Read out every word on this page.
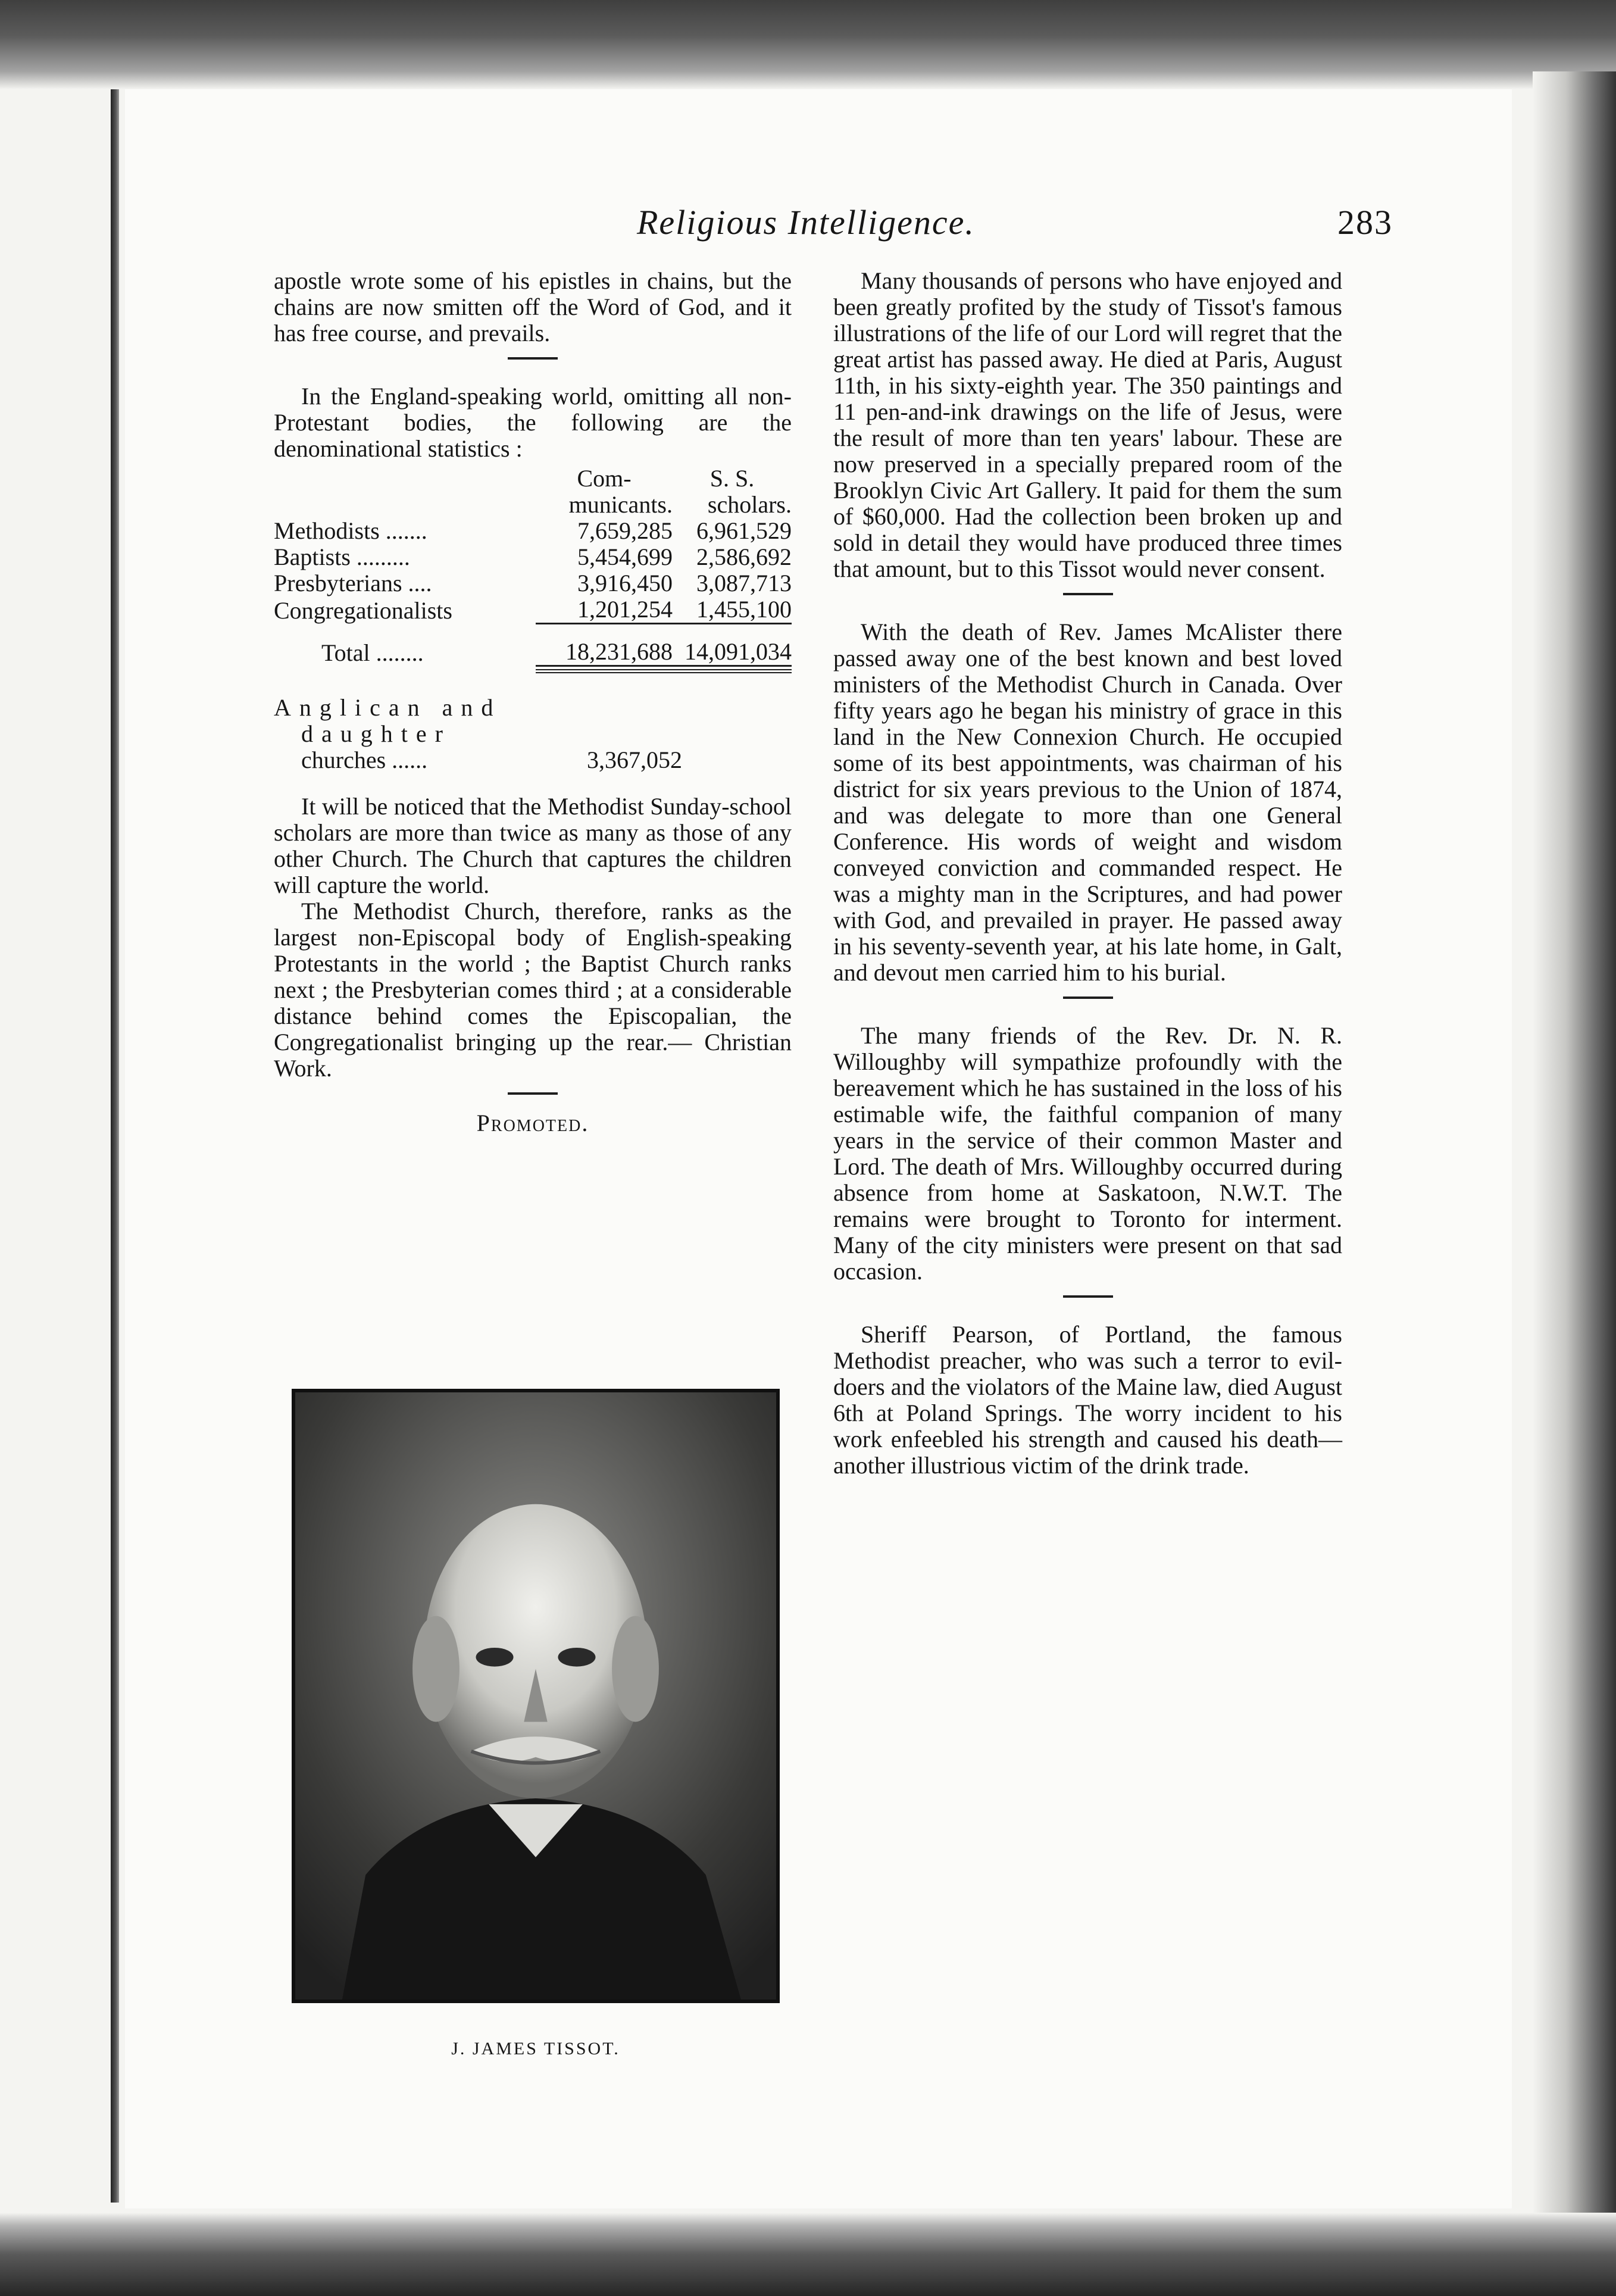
Religious Intelligence.	283

apostle wrote some of his epistles in chains, but the chains are now smitten off the Word of God, and it has free course, and prevails.

In the England-speaking world, omitting all non-Protestant bodies, the following are the denominational statistics :

	Com-	S. S.
	municants.	scholars.
Methodists .......	7,659,285	6,961,529
Baptists .........	5,454,699	2,586,692
Presbyterians ....	3,916,450	3,087,713
Congregationalists	1,201,254	1,455,100
Total ........	18,231,688	14,091,034

Anglican and
daughter
churches ......	3,367,052

It will be noticed that the Methodist Sunday-school scholars are more than twice as many as those of any other Church. The Church that captures the children will capture the world.

The Methodist Church, therefore, ranks as the largest non-Episcopal body of English-speaking Protestants in the world ; the Baptist Church ranks next ; the Presbyterian comes third ; at a considerable distance behind comes the Episcopalian, the Congregationalist bringing up the rear.— Christian Work.

Promoted.
J. JAMES TISSOT.

Many thousands of persons who have enjoyed and been greatly profited by the study of Tissot's famous illustrations of the life of our Lord will regret that the great artist has passed away. He died at Paris, August 11th, in his sixty-eighth year. The 350 paintings and 11 pen-and-ink drawings on the life of Jesus, were the result of more than ten years' labour. These are now preserved in a specially prepared room of the Brooklyn Civic Art Gallery. It paid for them the sum of $60,000. Had the collection been broken up and sold in detail they would have produced three times that amount, but to this Tissot would never consent.

With the death of Rev. James McAlister there passed away one of the best known and best loved ministers of the Methodist Church in Canada. Over fifty years ago he began his ministry of grace in this land in the New Connexion Church. He occupied some of its best appointments, was chairman of his district for six years previous to the Union of 1874, and was delegate to more than one General Conference. His words of weight and wisdom conveyed conviction and commanded respect. He was a mighty man in the Scriptures, and had power with God, and prevailed in prayer. He passed away in his seventy-seventh year, at his late home, in Galt, and devout men carried him to his burial.

The many friends of the Rev. Dr. N. R. Willoughby will sympathize profoundly with the bereavement which he has sustained in the loss of his estimable wife, the faithful companion of many years in the service of their common Master and Lord. The death of Mrs. Willoughby occurred during absence from home at Saskatoon, N.W.T. The remains were brought to Toronto for interment. Many of the city ministers were present on that sad occasion.

Sheriff Pearson, of Portland, the famous Methodist preacher, who was such a terror to evil-doers and the violators of the Maine law, died August 6th at Poland Springs. The worry incident to his work enfeebled his strength and caused his death— another illustrious victim of the drink trade.
